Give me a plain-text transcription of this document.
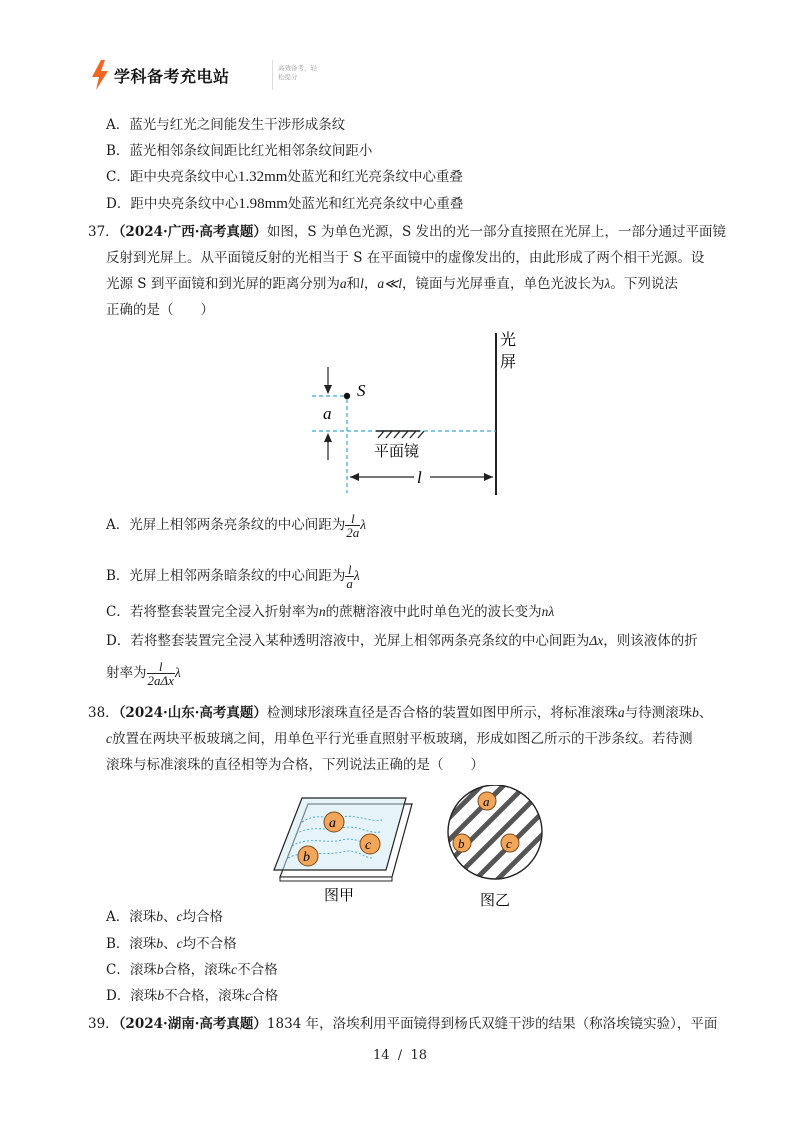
学科备考充电站	高效备考，轻松提分
A．蓝光与红光之间能发生干涉形成条纹
B．蓝光相邻条纹间距比红光相邻条纹间距小
C．距中央亮条纹中心1.32mm处蓝光和红光亮条纹中心重叠
D．距中央亮条纹中心1.98mm处蓝光和红光亮条纹中心重叠
37．（2024·广西·高考真题）如图，S 为单色光源，S 发出的光一部分直接照在光屏上，一部分通过平面镜
反射到光屏上。从平面镜反射的光相当于 S 在平面镜中的虚像发出的，由此形成了两个相干光源。设
光源 S 到平面镜和到光屏的距离分别为a和l，a≪l，镜面与光屏垂直，单色光波长为λ。下列说法
正确的是（　　）
光
屏
S
a
平面镜
l
A．光屏上相邻两条亮条纹的中心间距为 $\frac{l}{2a}$ λ
B．光屏上相邻两条暗条纹的中心间距为 $\frac{l}{a}$ λ
C．若将整套装置完全浸入折射率为n的蔗糖溶液中此时单色光的波长变为nλ
D．若将整套装置完全浸入某种透明溶液中，光屏上相邻两条亮条纹的中心间距为Δx，则该液体的折
射率为 $\frac{l}{\text{2aΔx}}$ λ
38．（2024·山东·高考真题）检测球形滚珠直径是否合格的装置如图甲所示，将标准滚珠a与待测滚珠b、
c放置在两块平板玻璃之间，用单色平行光垂直照射平板玻璃，形成如图乙所示的干涉条纹。若待测
滚珠与标准滚珠的直径相等为合格，下列说法正确的是（　　）
a
b
c
图甲
a
b	c
图乙
A．滚珠b、c均合格
B．滚珠b、c均不合格
C．滚珠b合格，滚珠c不合格
D．滚珠b不合格，滚珠c合格
39．（2024·湖南·高考真题）1834 年，洛埃利用平面镜得到杨氏双缝干涉的结果（称洛埃镜实验），平面
14 / 18
